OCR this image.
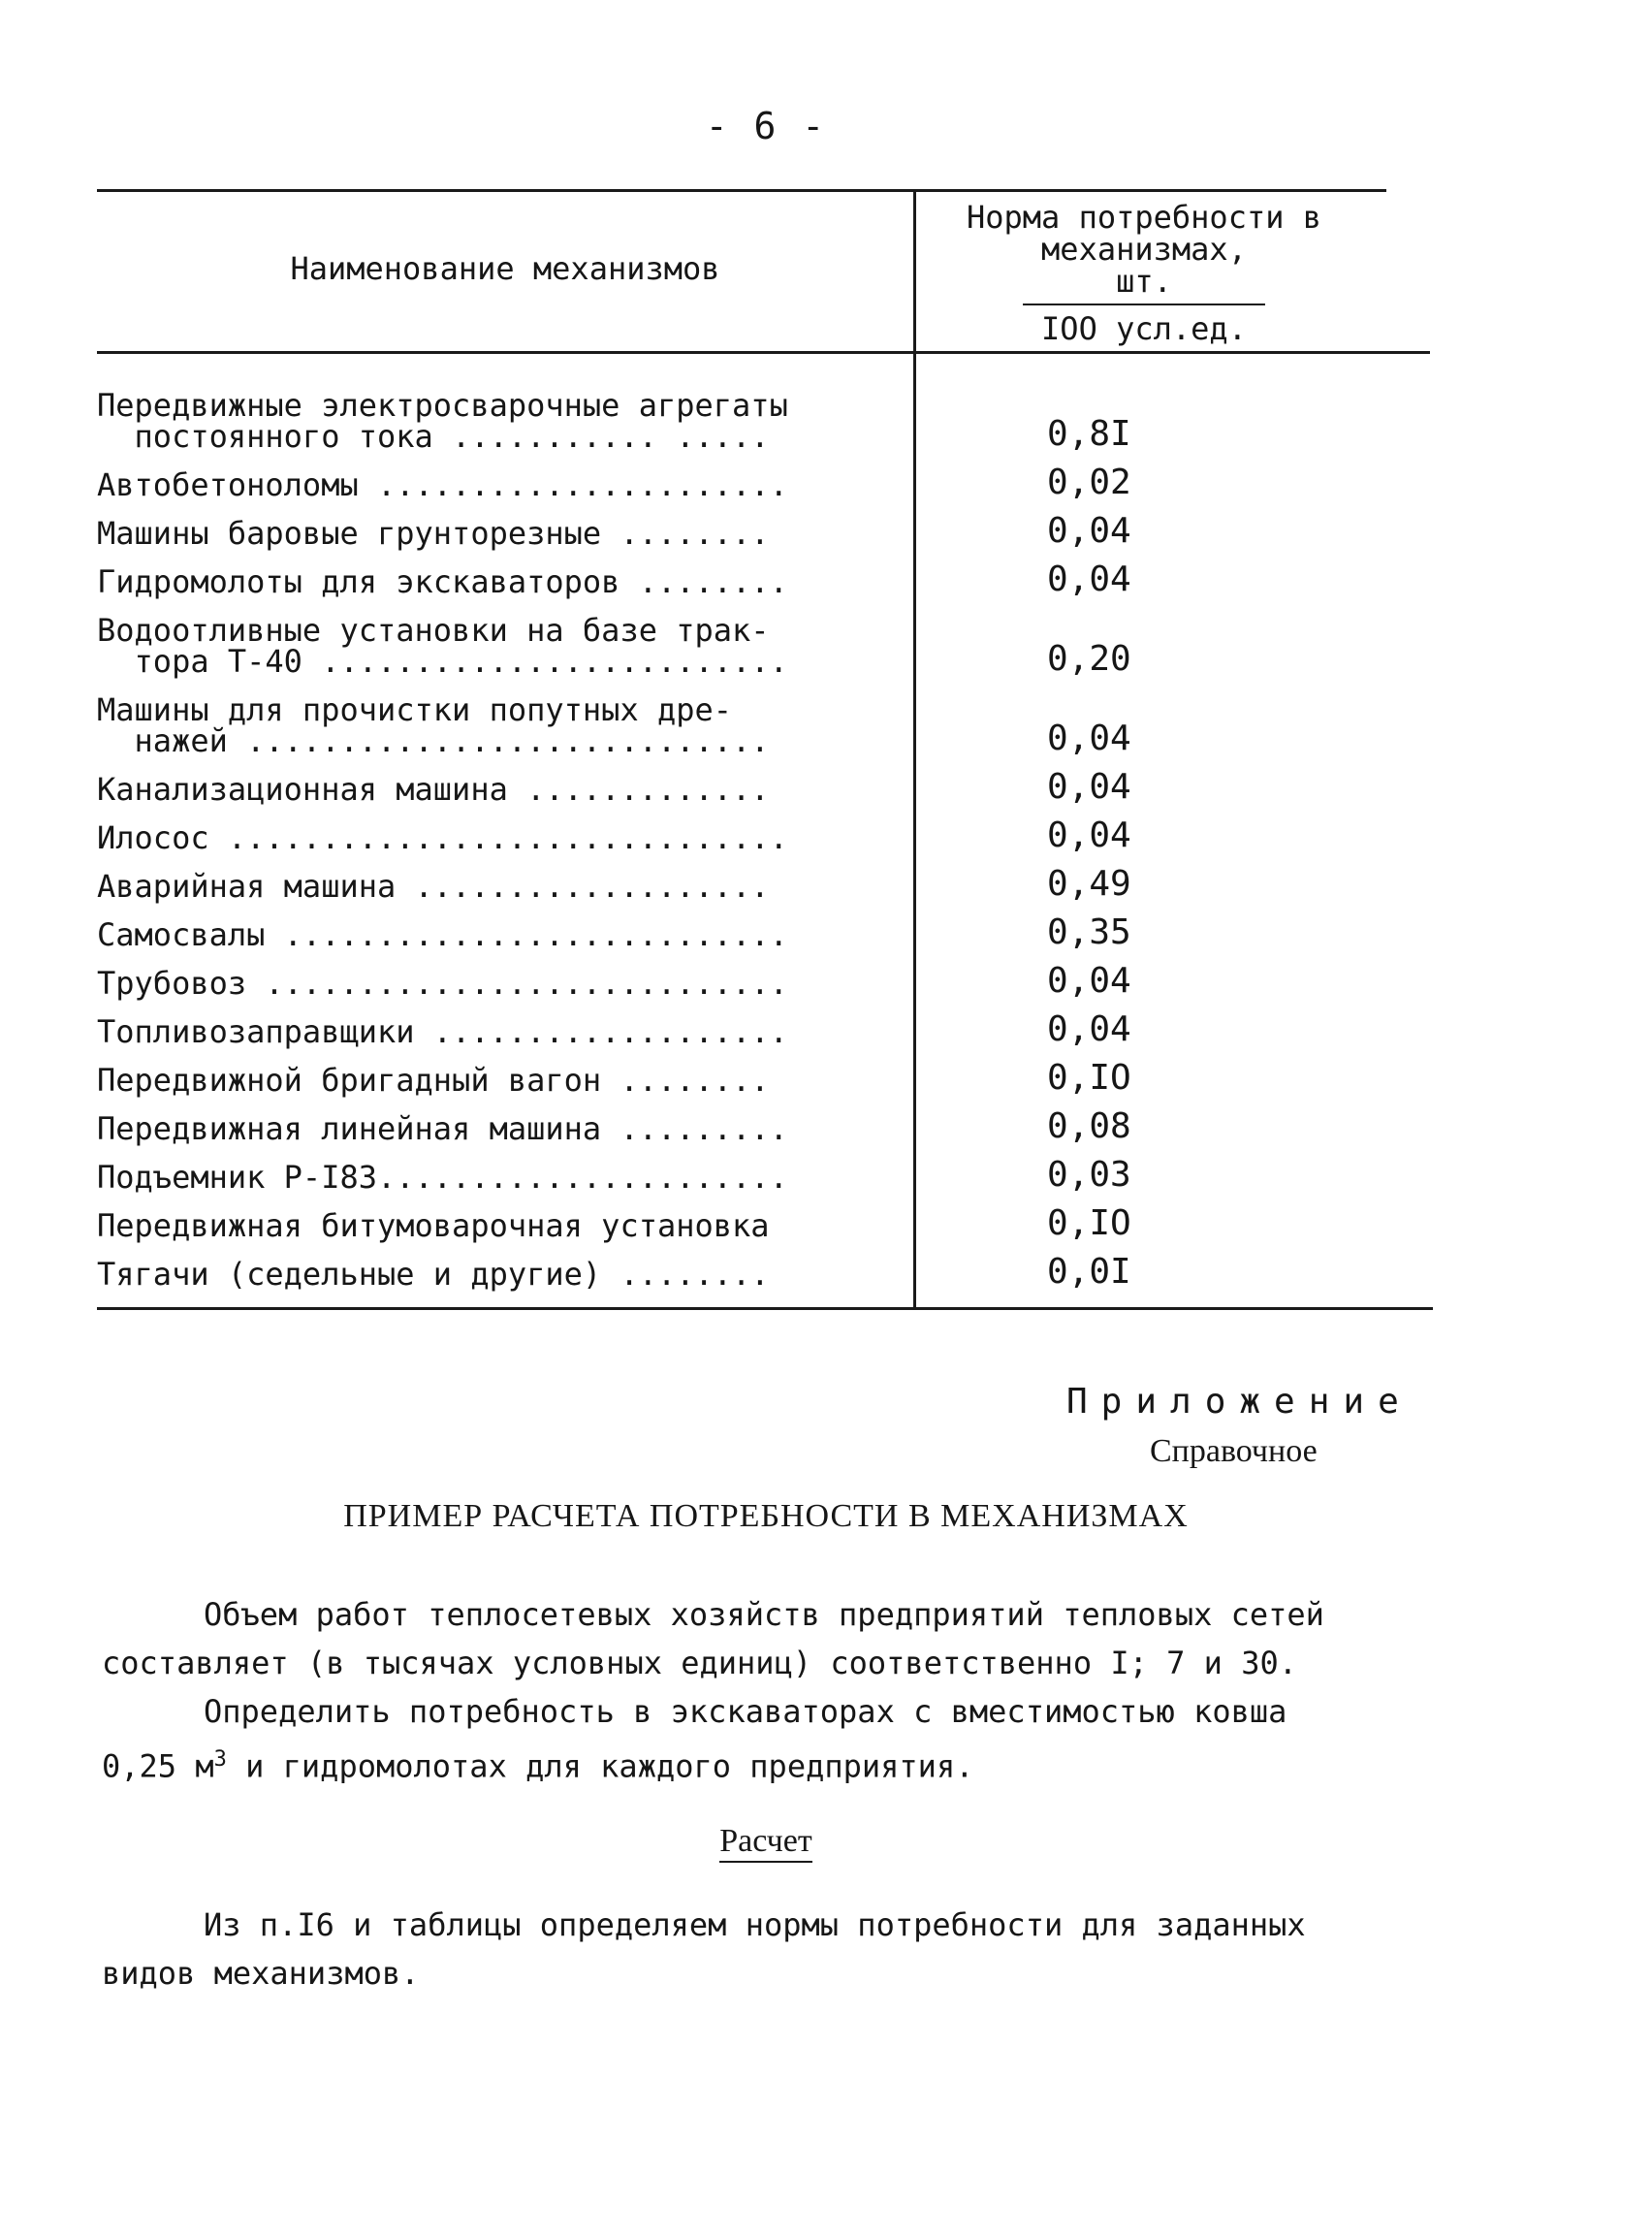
- 6 -
Наименование механизмов
Норма потребности в
механизмах,
шт.
IOO усл.ед.
Передвижные электросварочные агрегаты
постоянного тока ........... .....	0,8I
Автобетоноломы ......................	0,02
Машины баровые грунторезные ........	0,04
Гидромолоты для экскаваторов ........	0,04
Водоотливные установки на базе трак-
тора Т-40 .........................	0,20
Машины для прочистки попутных дре-
нажей ............................	0,04
Канализационная машина .............	0,04
Илосос ..............................	0,04
Аварийная машина ...................	0,49
Самосвалы ...........................	0,35
Трубовоз ............................	0,04
Топливозаправщики ...................	0,04
Передвижной бригадный вагон ........	0,IO
Передвижная линейная машина .........	0,08
Подъемник Р-I83......................	0,03
Передвижная битумоварочная установка	0,IO
Тягачи (седельные и другие) ........	0,0I
Приложение
Справочное
ПРИМЕР РАСЧЕТА ПОТРЕБНОСТИ В МЕХАНИЗМАХ
Объем работ теплосетевых хозяйств предприятий тепловых сетей
составляет (в тысячах условных единиц) соответственно I; 7 и 30.
Определить потребность в экскаваторах с вместимостью ковша
0,25 $м^3$ и гидромолотах для каждого предприятия.
Расчет
Из п.I6 и таблицы определяем нормы потребности для заданных
видов механизмов.
